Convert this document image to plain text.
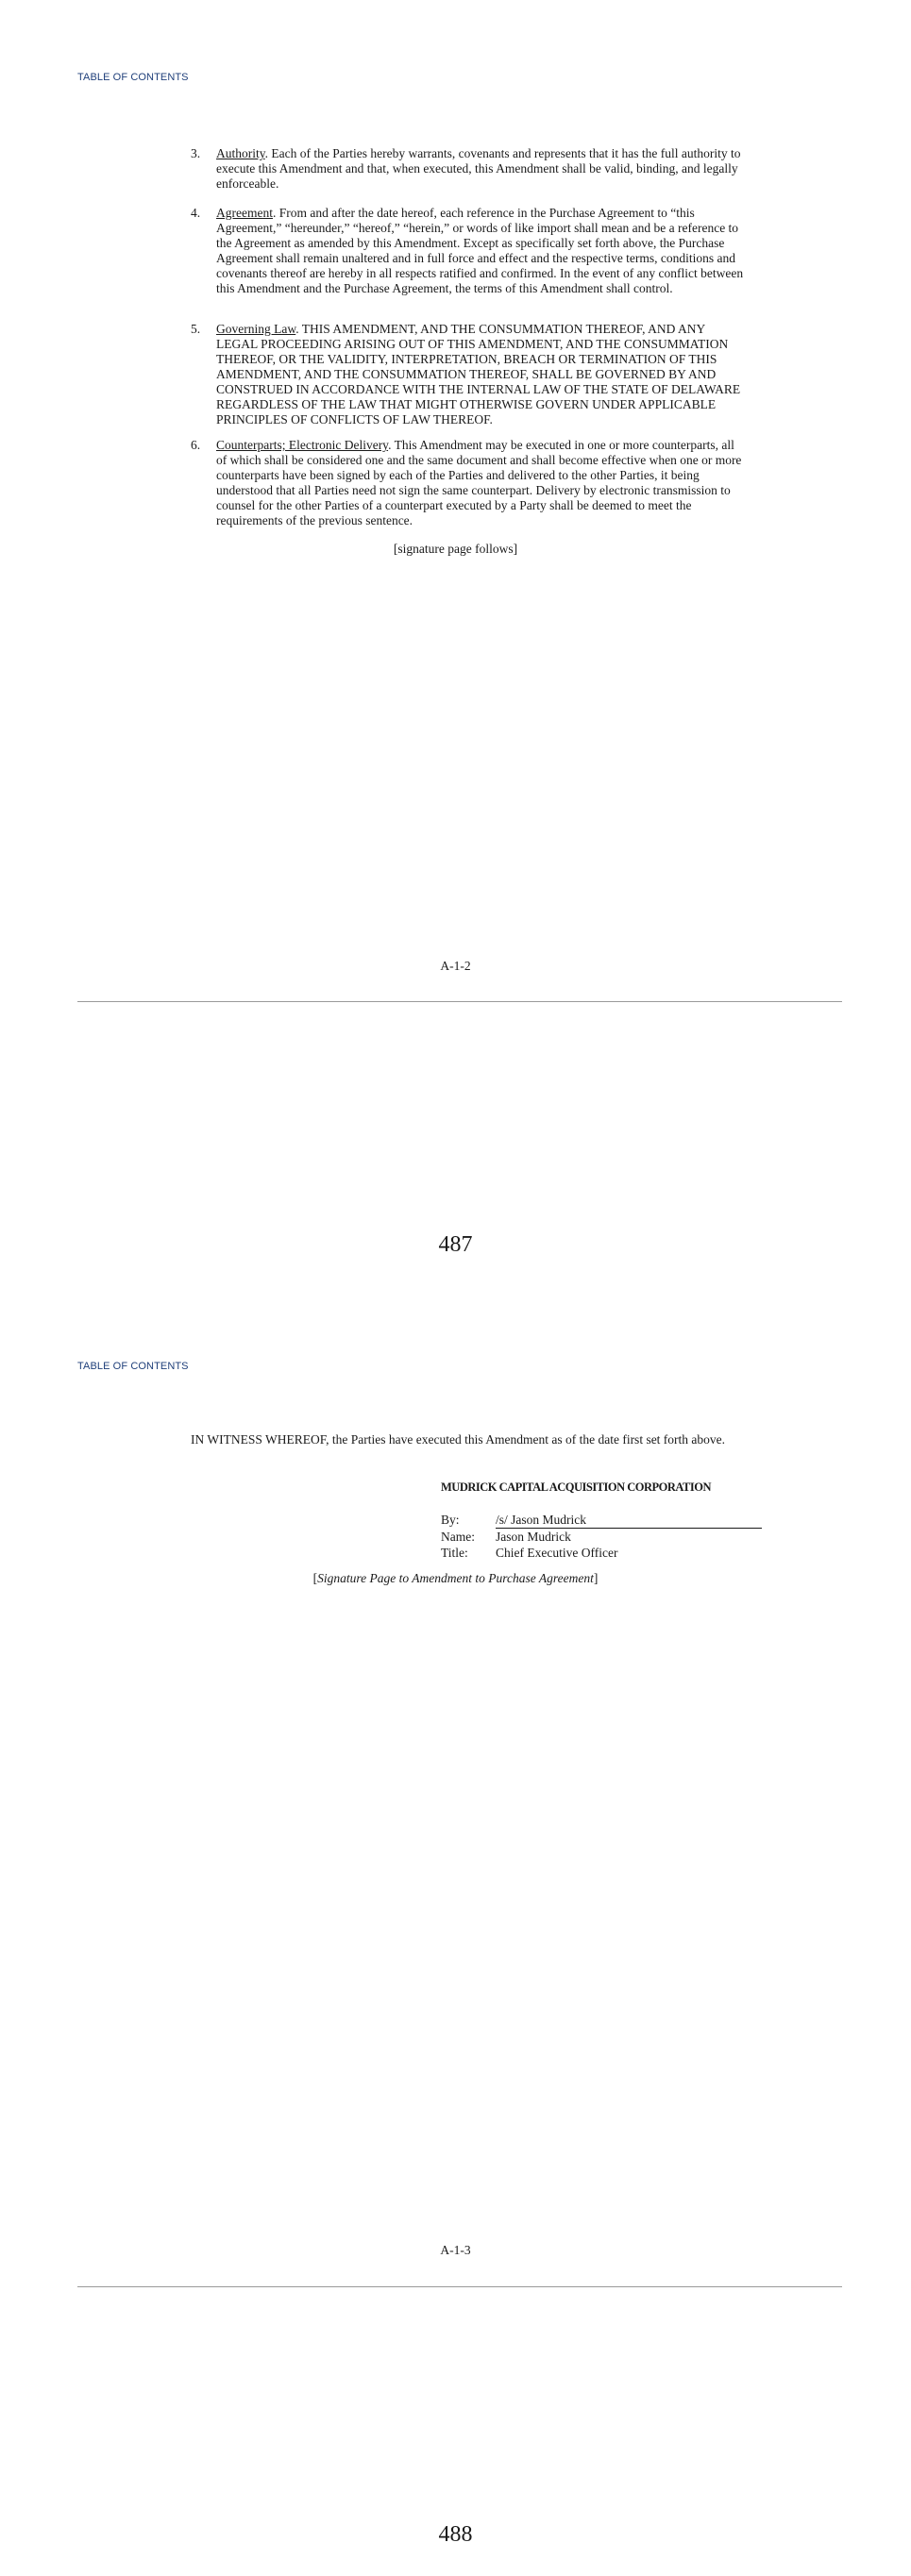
TABLE OF CONTENTS
3. Authority. Each of the Parties hereby warrants, covenants and represents that it has the full authority to execute this Amendment and that, when executed, this Amendment shall be valid, binding, and legally enforceable.
4. Agreement. From and after the date hereof, each reference in the Purchase Agreement to “this Agreement,” “hereunder,” “hereof,” “herein,” or words of like import shall mean and be a reference to the Agreement as amended by this Amendment. Except as specifically set forth above, the Purchase Agreement shall remain unaltered and in full force and effect and the respective terms, conditions and covenants thereof are hereby in all respects ratified and confirmed. In the event of any conflict between this Amendment and the Purchase Agreement, the terms of this Amendment shall control.
5. Governing Law. THIS AMENDMENT, AND THE CONSUMMATION THEREOF, AND ANY LEGAL PROCEEDING ARISING OUT OF THIS AMENDMENT, AND THE CONSUMMATION THEREOF, OR THE VALIDITY, INTERPRETATION, BREACH OR TERMINATION OF THIS AMENDMENT, AND THE CONSUMMATION THEREOF, SHALL BE GOVERNED BY AND CONSTRUED IN ACCORDANCE WITH THE INTERNAL LAW OF THE STATE OF DELAWARE REGARDLESS OF THE LAW THAT MIGHT OTHERWISE GOVERN UNDER APPLICABLE PRINCIPLES OF CONFLICTS OF LAW THEREOF.
6. Counterparts; Electronic Delivery. This Amendment may be executed in one or more counterparts, all of which shall be considered one and the same document and shall become effective when one or more counterparts have been signed by each of the Parties and delivered to the other Parties, it being understood that all Parties need not sign the same counterpart. Delivery by electronic transmission to counsel for the other Parties of a counterpart executed by a Party shall be deemed to meet the requirements of the previous sentence.
[signature page follows]
A-1-2
487
TABLE OF CONTENTS
IN WITNESS WHEREOF, the Parties have executed this Amendment as of the date first set forth above.
MUDRICK CAPITAL ACQUISITION CORPORATION
By:	/s/ Jason Mudrick
Name:	Jason Mudrick
Title:	Chief Executive Officer
[Signature Page to Amendment to Purchase Agreement]
A-1-3
488
